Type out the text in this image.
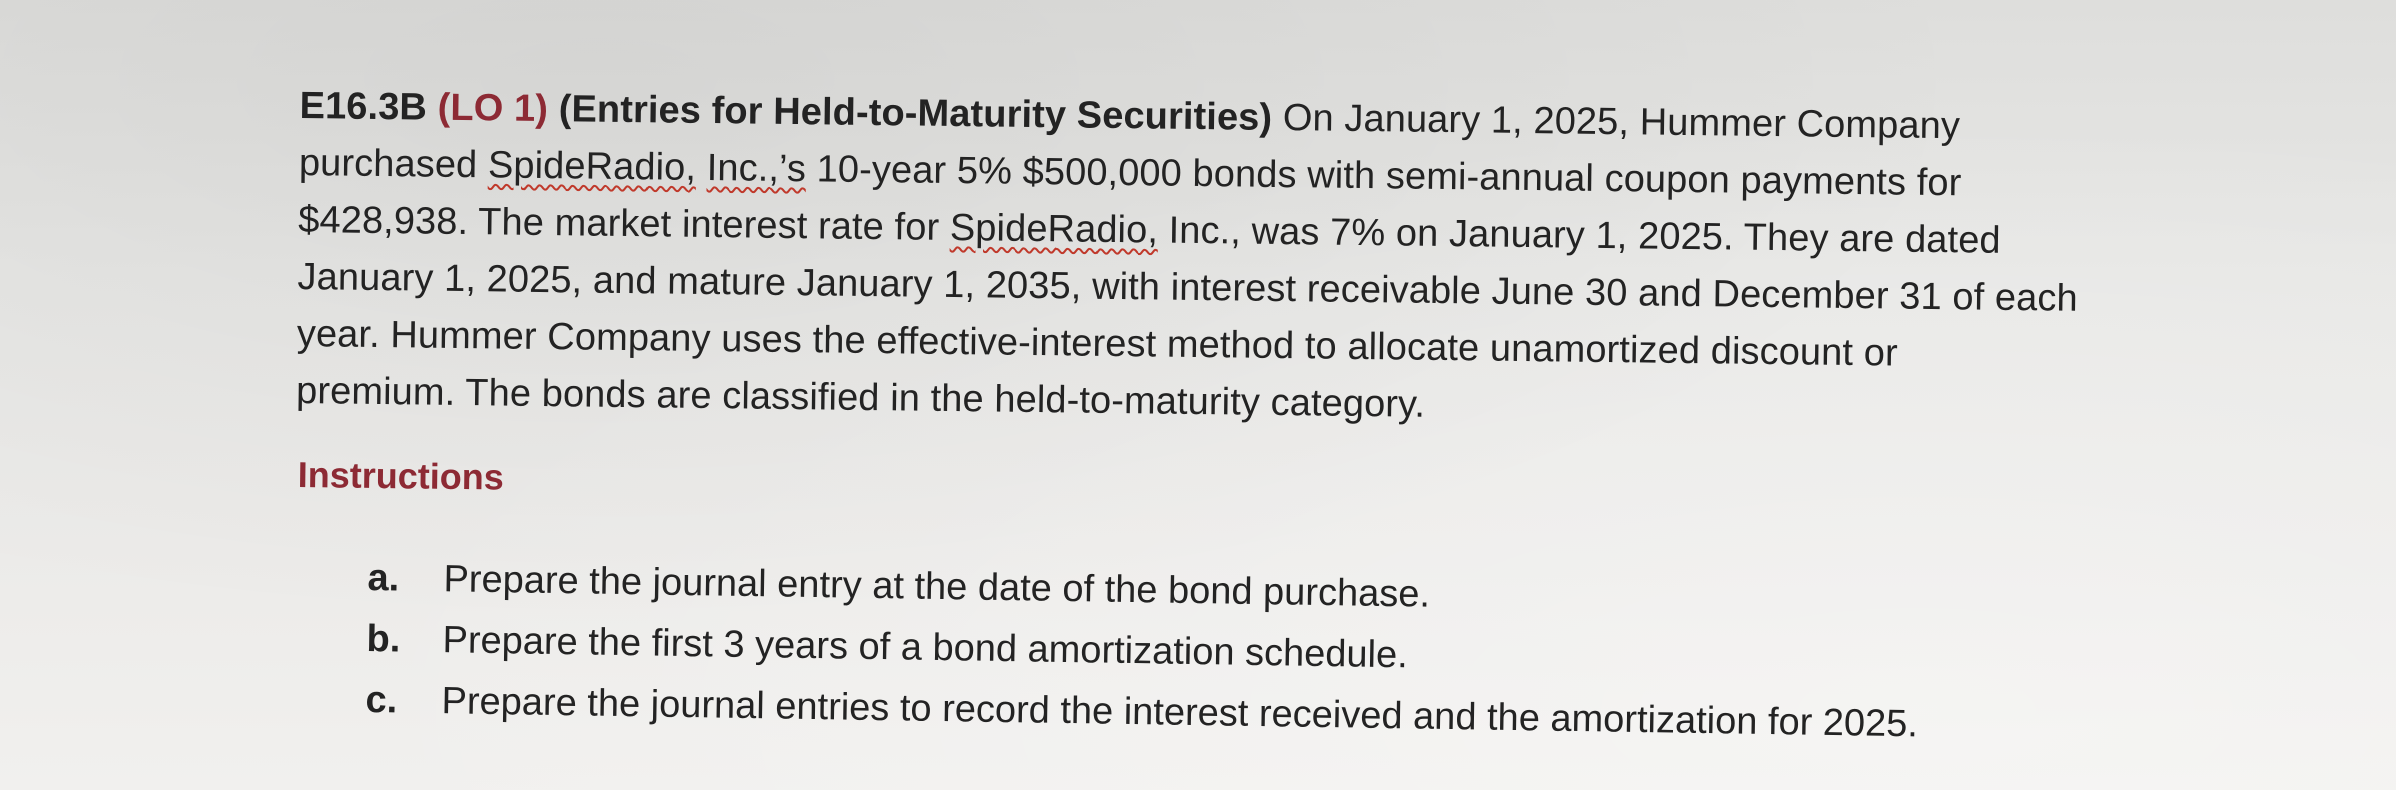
E16.3B (LO 1) (Entries for Held-to-Maturity Securities) On January 1, 2025, Hummer Company
purchased SpideRadio, Inc.,’s 10-year 5% $500,000 bonds with semi-annual coupon payments for
$428,938. The market interest rate for SpideRadio, Inc., was 7% on January 1, 2025. They are dated
January 1, 2025, and mature January 1, 2035, with interest receivable June 30 and December 31 of each
year. Hummer Company uses the effective-interest method to allocate unamortized discount or
premium. The bonds are classified in the held-to-maturity category.
Instructions
a. Prepare the journal entry at the date of the bond purchase.
b. Prepare the first 3 years of a bond amortization schedule.
c. Prepare the journal entries to record the interest received and the amortization for 2025.
